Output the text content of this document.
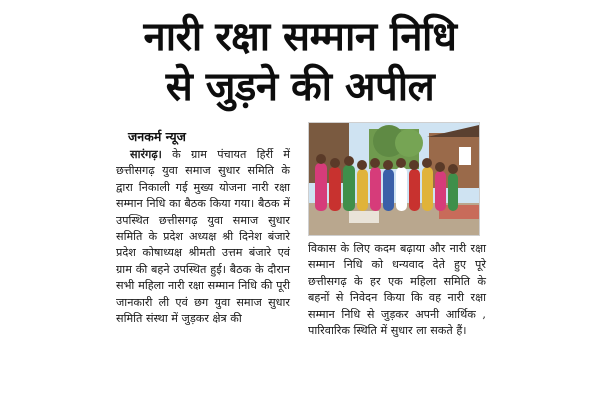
नारी रक्षा सम्मान निधि
से जुड़ने की अपील
जनकर्म न्यूज
सारंगढ़। के ग्राम पंचायत हिर्री में छत्तीसगढ़ युवा समाज सुधार समिति के द्वारा निकाली गई मुख्य योजना नारी रक्षा सम्मान निधि का बैठक किया गया। बैठक में उपस्थित छत्तीसगढ़ युवा समाज सुधार समिति के प्रदेश अध्यक्ष श्री दिनेश बंजारे प्रदेश कोषाध्यक्ष श्रीमती उत्तम बंजारे एवं ग्राम की बहने उपस्थित हुई। बैठक के दौरान सभी महिला नारी रक्षा सम्मान निधि की पूरी जानकारी ली एवं छग युवा समाज सुधार समिति संस्था में जुड़कर क्षेत्र की
विकास के लिए कदम बढ़ाया और नारी रक्षा सम्मान निधि को धन्यवाद देते हुए पूरे छत्तीसगढ़ के हर एक महिला समिति के बहनों से निवेदन किया कि वह नारी रक्षा सम्मान निधि से जुड़कर अपनी आर्थिक , पारिवारिक स्थिति में सुधार ला सकते हैं।
